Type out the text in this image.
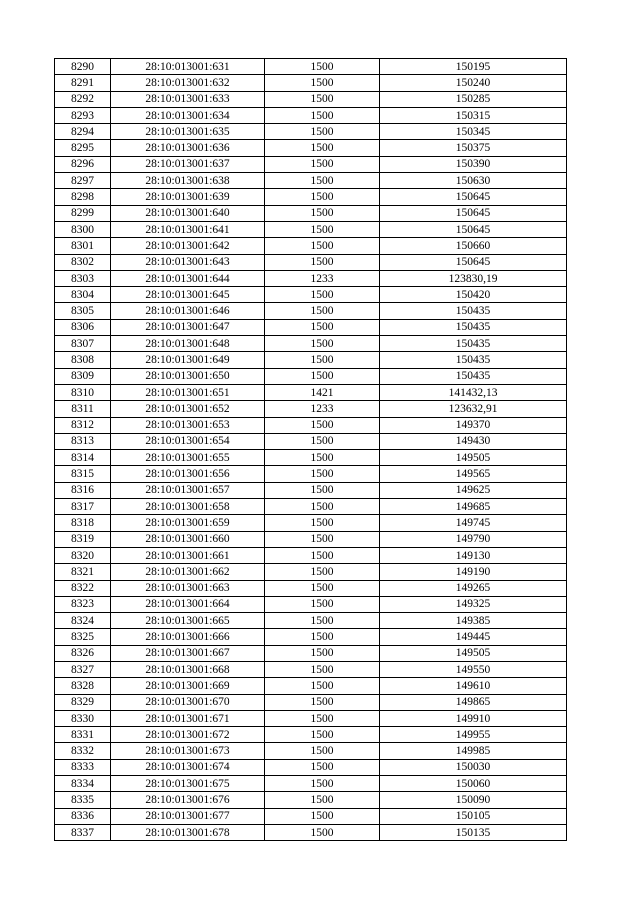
8290	28:10:013001:631	1500	150195
8291	28:10:013001:632	1500	150240
8292	28:10:013001:633	1500	150285
8293	28:10:013001:634	1500	150315
8294	28:10:013001:635	1500	150345
8295	28:10:013001:636	1500	150375
8296	28:10:013001:637	1500	150390
8297	28:10:013001:638	1500	150630
8298	28:10:013001:639	1500	150645
8299	28:10:013001:640	1500	150645
8300	28:10:013001:641	1500	150645
8301	28:10:013001:642	1500	150660
8302	28:10:013001:643	1500	150645
8303	28:10:013001:644	1233	123830,19
8304	28:10:013001:645	1500	150420
8305	28:10:013001:646	1500	150435
8306	28:10:013001:647	1500	150435
8307	28:10:013001:648	1500	150435
8308	28:10:013001:649	1500	150435
8309	28:10:013001:650	1500	150435
8310	28:10:013001:651	1421	141432,13
8311	28:10:013001:652	1233	123632,91
8312	28:10:013001:653	1500	149370
8313	28:10:013001:654	1500	149430
8314	28:10:013001:655	1500	149505
8315	28:10:013001:656	1500	149565
8316	28:10:013001:657	1500	149625
8317	28:10:013001:658	1500	149685
8318	28:10:013001:659	1500	149745
8319	28:10:013001:660	1500	149790
8320	28:10:013001:661	1500	149130
8321	28:10:013001:662	1500	149190
8322	28:10:013001:663	1500	149265
8323	28:10:013001:664	1500	149325
8324	28:10:013001:665	1500	149385
8325	28:10:013001:666	1500	149445
8326	28:10:013001:667	1500	149505
8327	28:10:013001:668	1500	149550
8328	28:10:013001:669	1500	149610
8329	28:10:013001:670	1500	149865
8330	28:10:013001:671	1500	149910
8331	28:10:013001:672	1500	149955
8332	28:10:013001:673	1500	149985
8333	28:10:013001:674	1500	150030
8334	28:10:013001:675	1500	150060
8335	28:10:013001:676	1500	150090
8336	28:10:013001:677	1500	150105
8337	28:10:013001:678	1500	150135
